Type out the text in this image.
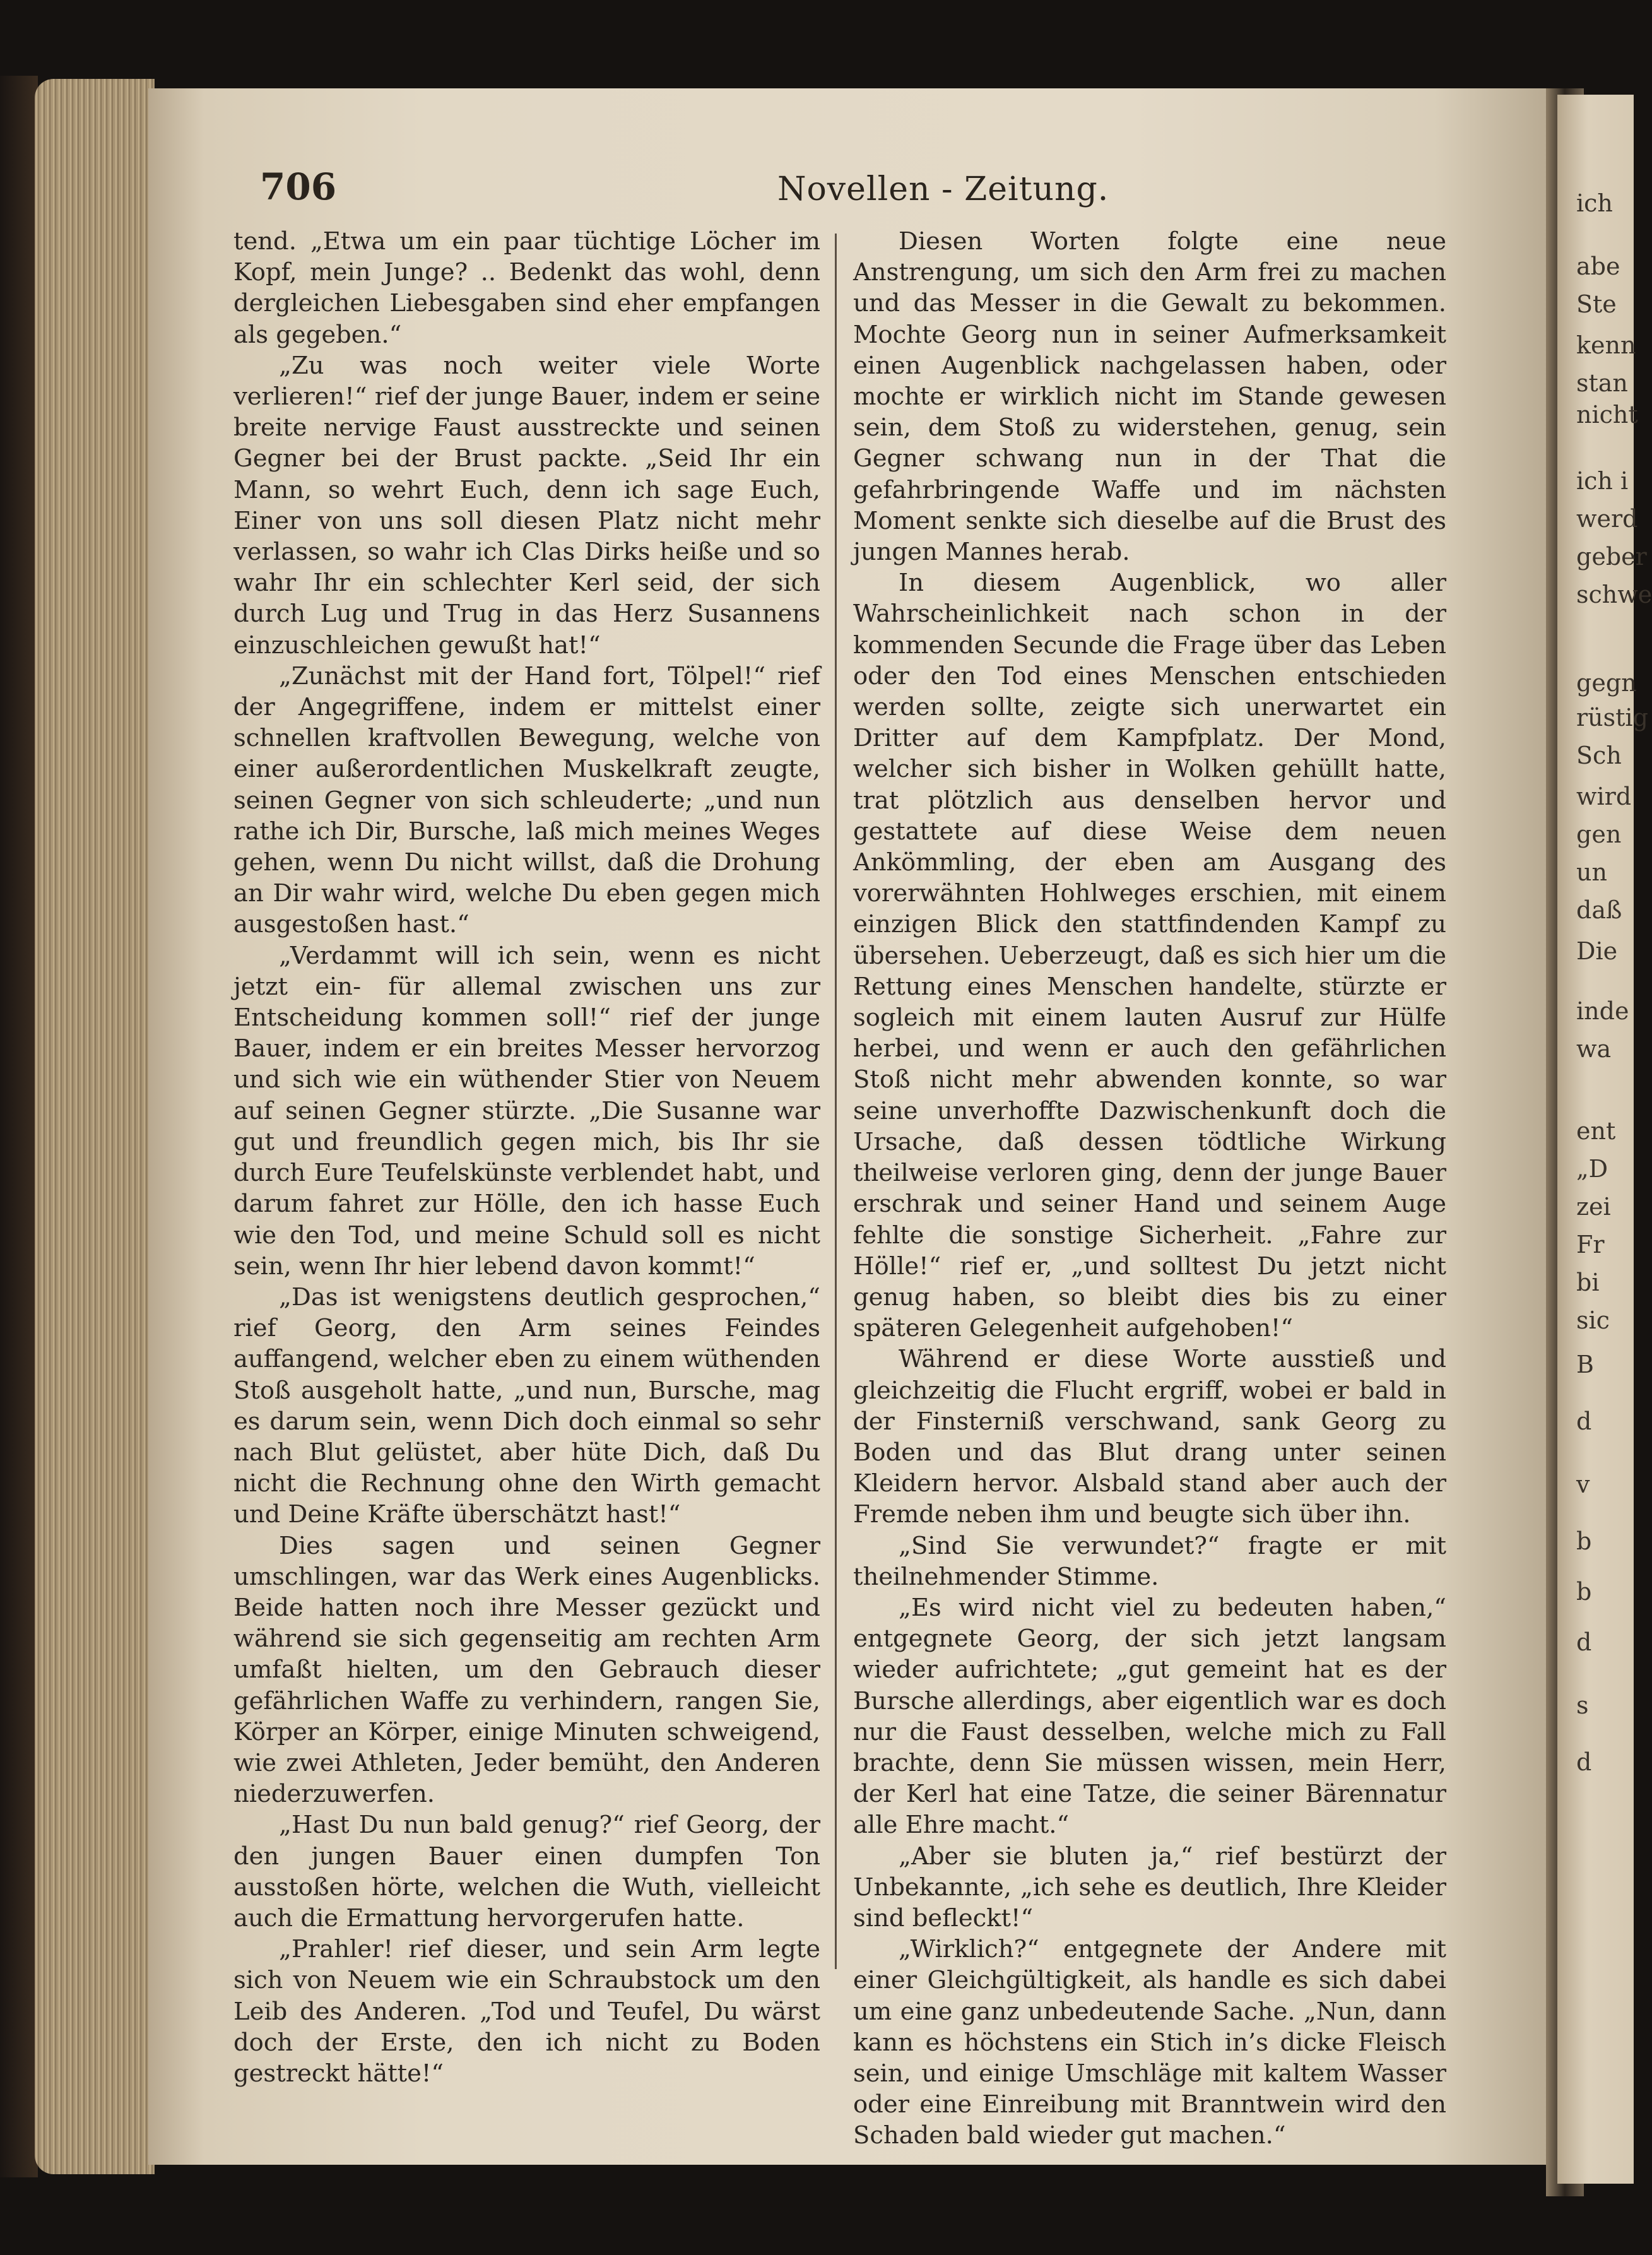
ich
abe
Ste
kenn
stan
nicht
ich i
werd
geber
schwe
gegn
rüstig
Sch
wird
gen
un
daß
Die
inde
wa
ent
„D
zei
Fr
bi
sic
B
d
v
b
b
d
s
d
706	Novellen - Zeitung.

tend. „Etwa um ein paar tüchtige Löcher im Kopf, mein Junge? .. Bedenkt das wohl, denn dergleichen Liebesgaben sind eher empfangen als gegeben.“

„Zu was noch weiter viele Worte verlieren!“ rief der junge Bauer, indem er seine breite nervige Faust ausstreckte und seinen Gegner bei der Brust packte. „Seid Ihr ein Mann, so wehrt Euch, denn ich sage Euch, Einer von uns soll diesen Platz nicht mehr verlassen, so wahr ich Clas Dirks heiße und so wahr Ihr ein schlechter Kerl seid, der sich durch Lug und Trug in das Herz Susannens einzuschleichen gewußt hat!“

„Zunächst mit der Hand fort, Tölpel!“ rief der Angegriffene, indem er mittelst einer schnellen kraftvollen Bewegung, welche von einer außerordentlichen Muskelkraft zeugte, seinen Gegner von sich schleuderte; „und nun rathe ich Dir, Bursche, laß mich meines Weges gehen, wenn Du nicht willst, daß die Drohung an Dir wahr wird, welche Du eben gegen mich ausgestoßen hast.“

„Verdammt will ich sein, wenn es nicht jetzt ein- für allemal zwischen uns zur Entscheidung kommen soll!“ rief der junge Bauer, indem er ein breites Messer hervorzog und sich wie ein wüthender Stier von Neuem auf seinen Gegner stürzte. „Die Susanne war gut und freundlich gegen mich, bis Ihr sie durch Eure Teufelskünste verblendet habt, und darum fahret zur Hölle, den ich hasse Euch wie den Tod, und meine Schuld soll es nicht sein, wenn Ihr hier lebend davon kommt!“

„Das ist wenigstens deutlich gesprochen,“ rief Georg, den Arm seines Feindes auffangend, welcher eben zu einem wüthenden Stoß ausgeholt hatte, „und nun, Bursche, mag es darum sein, wenn Dich doch einmal so sehr nach Blut gelüstet, aber hüte Dich, daß Du nicht die Rechnung ohne den Wirth gemacht und Deine Kräfte überschätzt hast!“

Dies sagen und seinen Gegner umschlingen, war das Werk eines Augenblicks. Beide hatten noch ihre Messer gezückt und während sie sich gegenseitig am rechten Arm umfaßt hielten, um den Gebrauch dieser gefährlichen Waffe zu verhindern, rangen Sie, Körper an Körper, einige Minuten schweigend, wie zwei Athleten, Jeder bemüht, den Anderen niederzuwerfen.

„Hast Du nun bald genug?“ rief Georg, der den jungen Bauer einen dumpfen Ton ausstoßen hörte, welchen die Wuth, vielleicht auch die Ermattung hervorgerufen hatte.

„Prahler! rief dieser, und sein Arm legte sich von Neuem wie ein Schraubstock um den Leib des Anderen. „Tod und Teufel, Du wärst doch der Erste, den ich nicht zu Boden gestreckt hätte!“

Diesen Worten folgte eine neue Anstrengung, um sich den Arm frei zu machen und das Messer in die Gewalt zu bekommen. Mochte Georg nun in seiner Aufmerksamkeit einen Augenblick nachgelassen haben, oder mochte er wirklich nicht im Stande gewesen sein, dem Stoß zu widerstehen, genug, sein Gegner schwang nun in der That die gefahrbringende Waffe und im nächsten Moment senkte sich dieselbe auf die Brust des jungen Mannes herab.

In diesem Augenblick, wo aller Wahrscheinlichkeit nach schon in der kommenden Secunde die Frage über das Leben oder den Tod eines Menschen entschieden werden sollte, zeigte sich unerwartet ein Dritter auf dem Kampfplatz. Der Mond, welcher sich bisher in Wolken gehüllt hatte, trat plötzlich aus denselben hervor und gestattete auf diese Weise dem neuen Ankömmling, der eben am Ausgang des vorerwähnten Hohlweges erschien, mit einem einzigen Blick den stattfindenden Kampf zu übersehen. Ueberzeugt, daß es sich hier um die Rettung eines Menschen handelte, stürzte er sogleich mit einem lauten Ausruf zur Hülfe herbei, und wenn er auch den gefährlichen Stoß nicht mehr abwenden konnte, so war seine unverhoffte Dazwischenkunft doch die Ursache, daß dessen tödtliche Wirkung theilweise verloren ging, denn der junge Bauer erschrak und seiner Hand und seinem Auge fehlte die sonstige Sicherheit. „Fahre zur Hölle!“ rief er, „und solltest Du jetzt nicht genug haben, so bleibt dies bis zu einer späteren Gelegenheit aufgehoben!“

Während er diese Worte ausstieß und gleichzeitig die Flucht ergriff, wobei er bald in der Finsterniß verschwand, sank Georg zu Boden und das Blut drang unter seinen Kleidern hervor. Alsbald stand aber auch der Fremde neben ihm und beugte sich über ihn.

„Sind Sie verwundet?“ fragte er mit theilnehmender Stimme.

„Es wird nicht viel zu bedeuten haben,“ entgegnete Georg, der sich jetzt langsam wieder aufrichtete; „gut gemeint hat es der Bursche allerdings, aber eigentlich war es doch nur die Faust desselben, welche mich zu Fall brachte, denn Sie müssen wissen, mein Herr, der Kerl hat eine Tatze, die seiner Bärennatur alle Ehre macht.“

„Aber sie bluten ja,“ rief bestürzt der Unbekannte, „ich sehe es deutlich, Ihre Kleider sind befleckt!“

„Wirklich?“ entgegnete der Andere mit einer Gleichgültigkeit, als handle es sich dabei um eine ganz unbedeutende Sache. „Nun, dann kann es höchstens ein Stich in’s dicke Fleisch sein, und einige Umschläge mit kaltem Wasser oder eine Einreibung mit Branntwein wird den Schaden bald wieder gut machen.“
